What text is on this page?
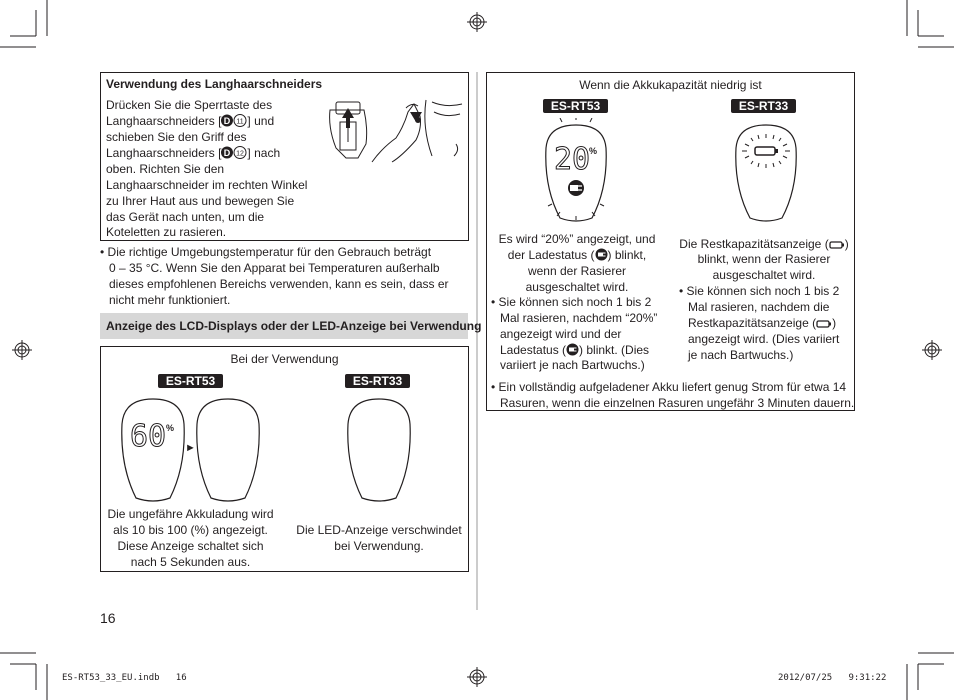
Verwendung des Langhaarschneiders
Drücken Sie die Sperrtaste des
Langhaarschneiders [ D 11 ] und
schieben Sie den Griff des
Langhaarschneiders [ D 12 ] nach
oben. Richten Sie den
Langhaarschneider im rechten Winkel
zu Ihrer Haut aus und bewegen Sie
das Gerät nach unten, um die
Koteletten zu rasieren.
• Die richtige Umgebungstemperatur für den Gebrauch beträgt
0 – 35 °C. Wenn Sie den Apparat bei Temperaturen außerhalb
dieses empfohlenen Bereichs verwenden, kann es sein, dass er
nicht mehr funktioniert.
Anzeige des LCD-Displays oder der LED-Anzeige bei Verwendung
Bei der Verwendung
ES-RT53	ES-RT33
60 %
►
Die ungefähre Akkuladung wird
als 10 bis 100 (%) angezeigt.
Diese Anzeige schaltet sich
nach 5 Sekunden aus.
Die LED-Anzeige verschwindet
bei Verwendung.
Wenn die Akkukapazität niedrig ist
ES-RT53	ES-RT33
20
%
Es wird “20%” angezeigt, und
der Ladestatus ( ) blinkt,
wenn der Rasierer
ausgeschaltet wird.
• Sie können sich noch 1 bis 2
Mal rasieren, nachdem “20%”
angezeigt wird und der
Ladestatus ( ) blinkt. (Dies
variiert je nach Bartwuchs.)
Die Restkapazitätsanzeige ( )
blinkt, wenn der Rasierer
ausgeschaltet wird.
• Sie können sich noch 1 bis 2
Mal rasieren, nachdem die
Restkapazitätsanzeige ( )
angezeigt wird. (Dies variiert
je nach Bartwuchs.)
• Ein vollständig aufgeladener Akku liefert genug Strom für etwa 14
Rasuren, wenn die einzelnen Rasuren ungefähr 3 Minuten dauern.
16
ES-RT53_33_EU.indb   16	2012/07/25   9:31:22
